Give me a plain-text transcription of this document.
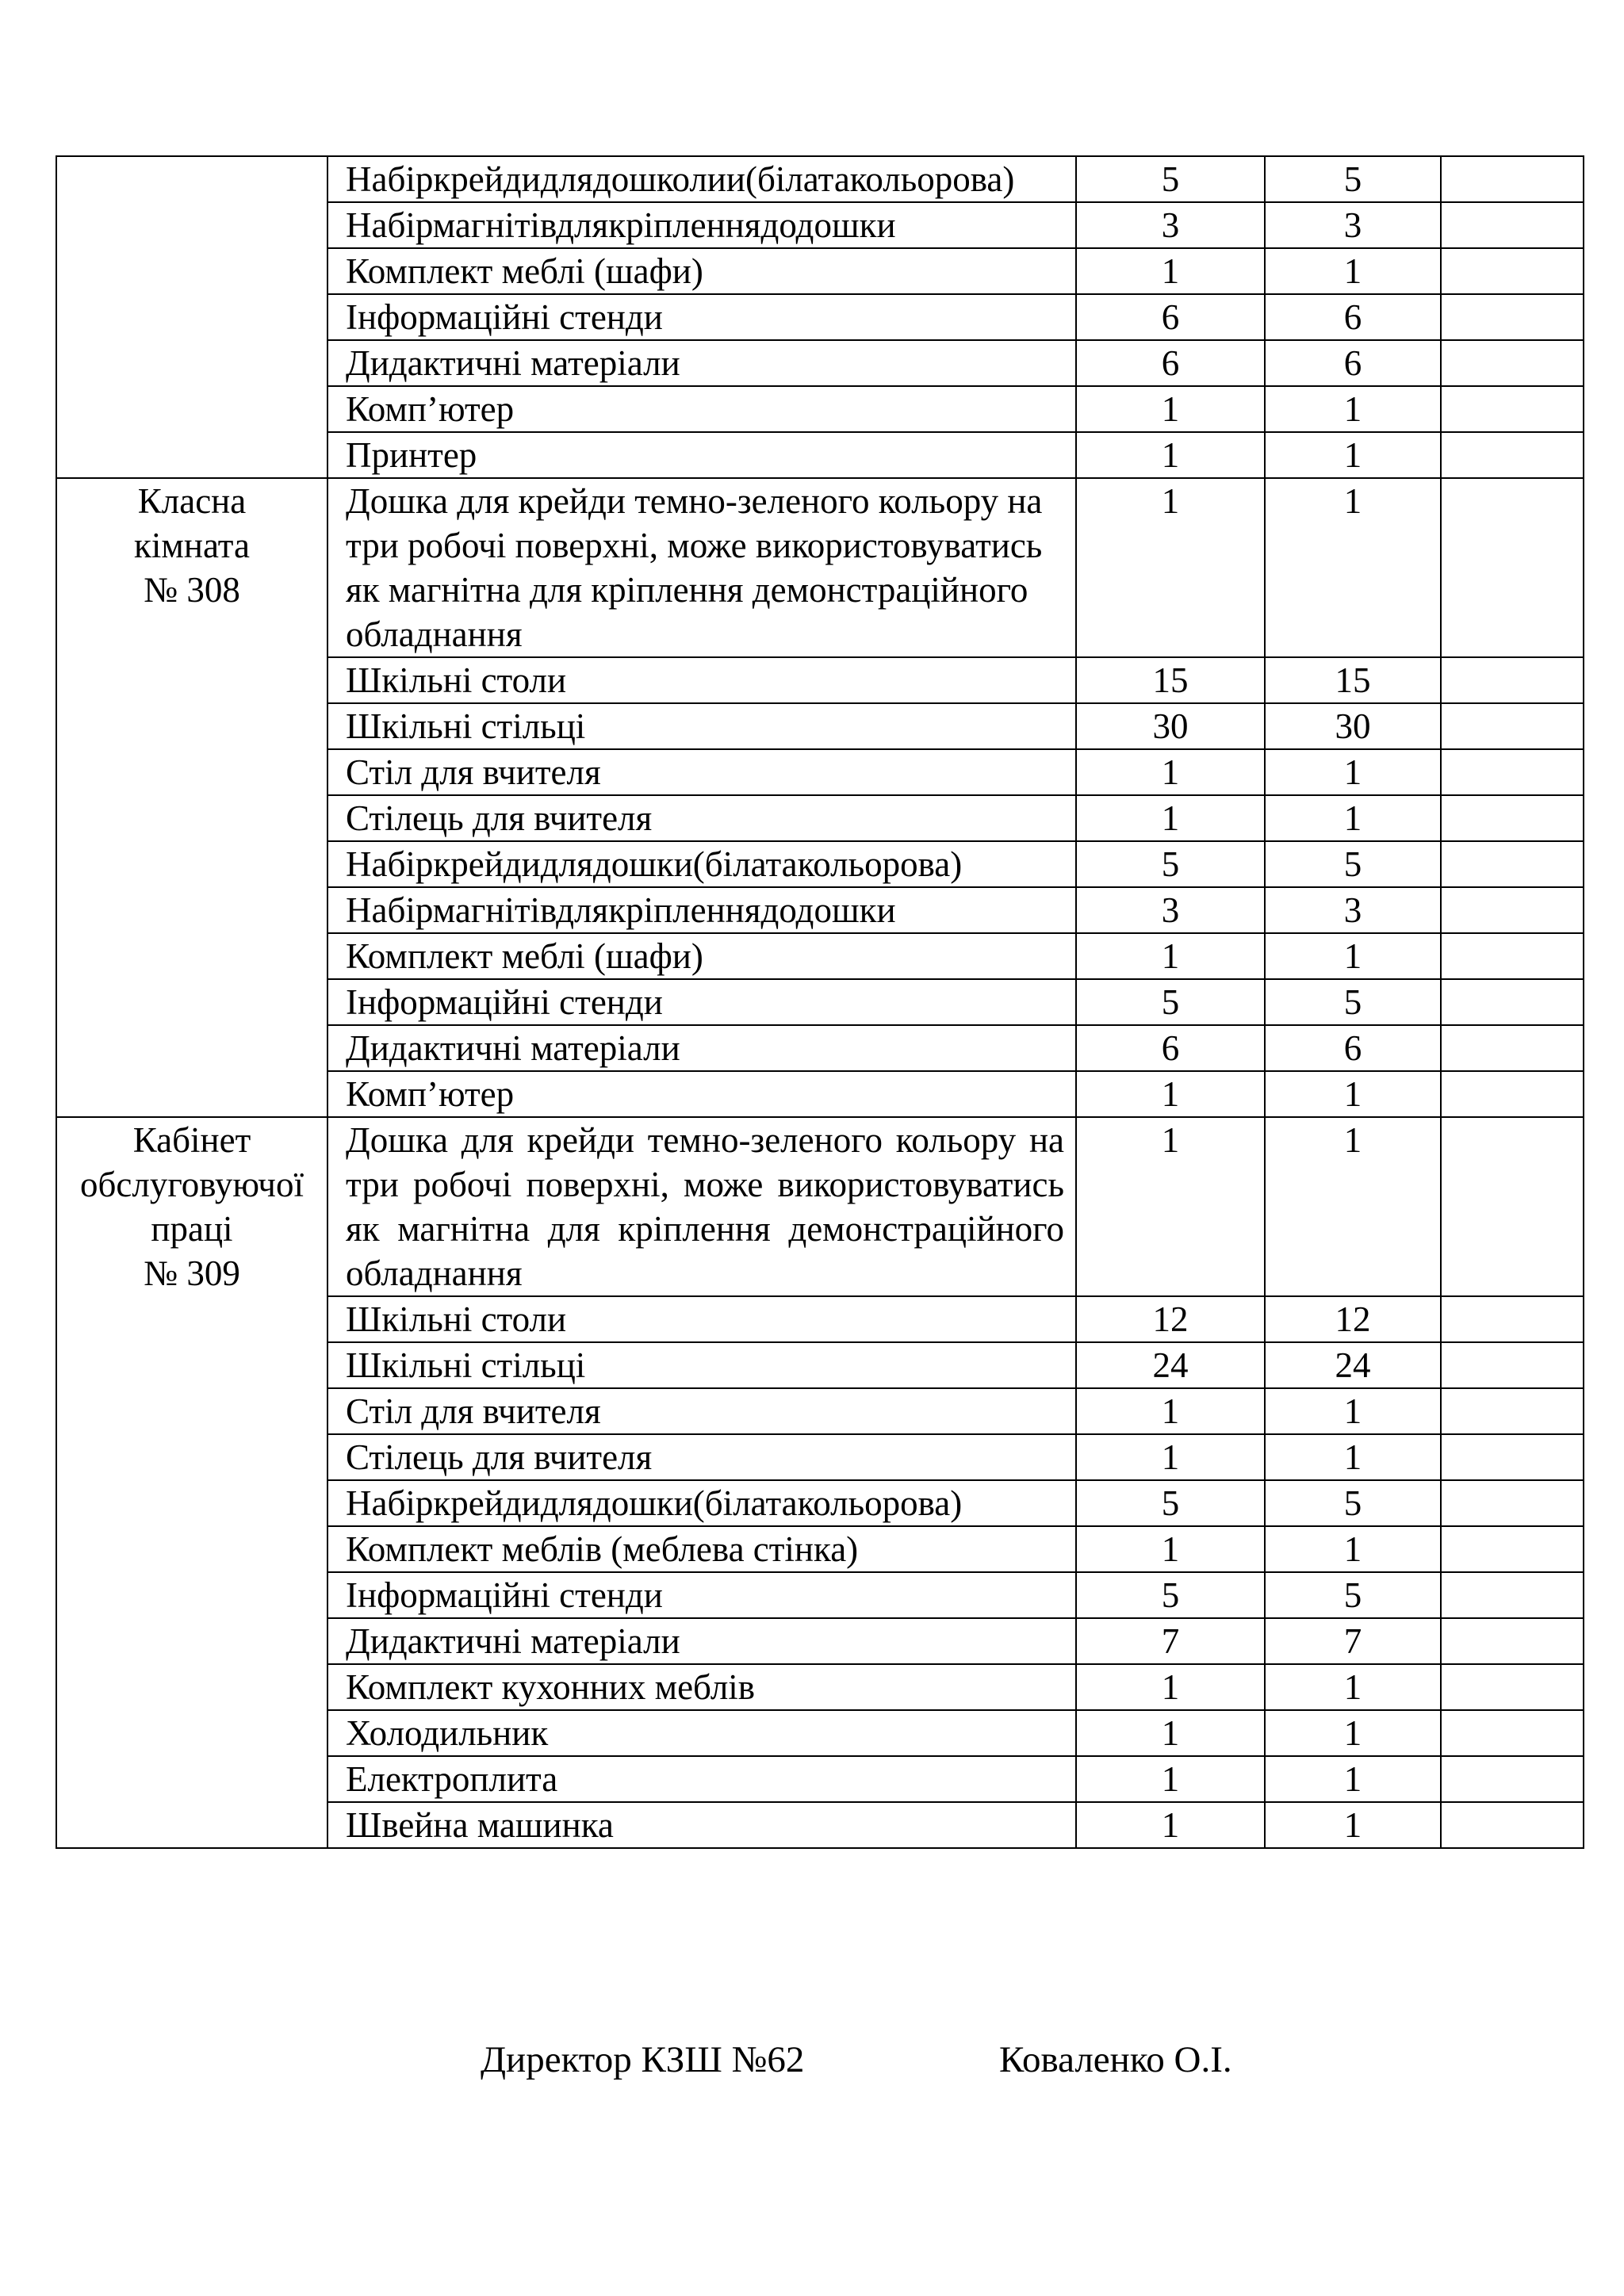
	Набіркрейдидлядошколии(білатакольорова)	5	5	
	Набірмагнітівдлякріпленнядодошки	3	3	
	Комплект меблі (шафи)	1	1	
	Інформаційні стенди	6	6	
	Дидактичні матеріали	6	6	
	Комп’ютер	1	1	
	Принтер	1	1	

Класна
кімната
№ 308	Дошка для крейди темно-зеленого кольору на три робочі поверхні, може використовуватись як магнітна для кріплення демонстраційного обладнання	1	1	
	Шкільні столи	15	15	
	Шкільні стільці	30	30	
	Стіл для вчителя	1	1	
	Стілець для вчителя	1	1	
	Набіркрейдидлядошки(білатакольорова)	5	5	
	Набірмагнітівдлякріпленнядодошки	3	3	
	Комплект меблі (шафи)	1	1	
	Інформаційні стенди	5	5	
	Дидактичні матеріали	6	6	
	Комп’ютер	1	1	

Кабінет
обслуговуючої
праці
№ 309	Дошка для крейди темно-зеленого кольору на три робочі поверхні, може використовуватись як магнітна для кріплення демонстраційного обладнання	1	1	
	Шкільні столи	12	12	
	Шкільні стільці	24	24	
	Стіл для вчителя	1	1	
	Стілець для вчителя	1	1	
	Набіркрейдидлядошки(білатакольорова)	5	5	
	Комплект меблів (меблева стінка)	1	1	
	Інформаційні стенди	5	5	
	Дидактичні матеріали	7	7	
	Комплект кухонних меблів	1	1	
	Холодильник	1	1	
	Електроплита	1	1	
	Швейна машинка	1	1	
Директор КЗШ №62	Коваленко О.І.
